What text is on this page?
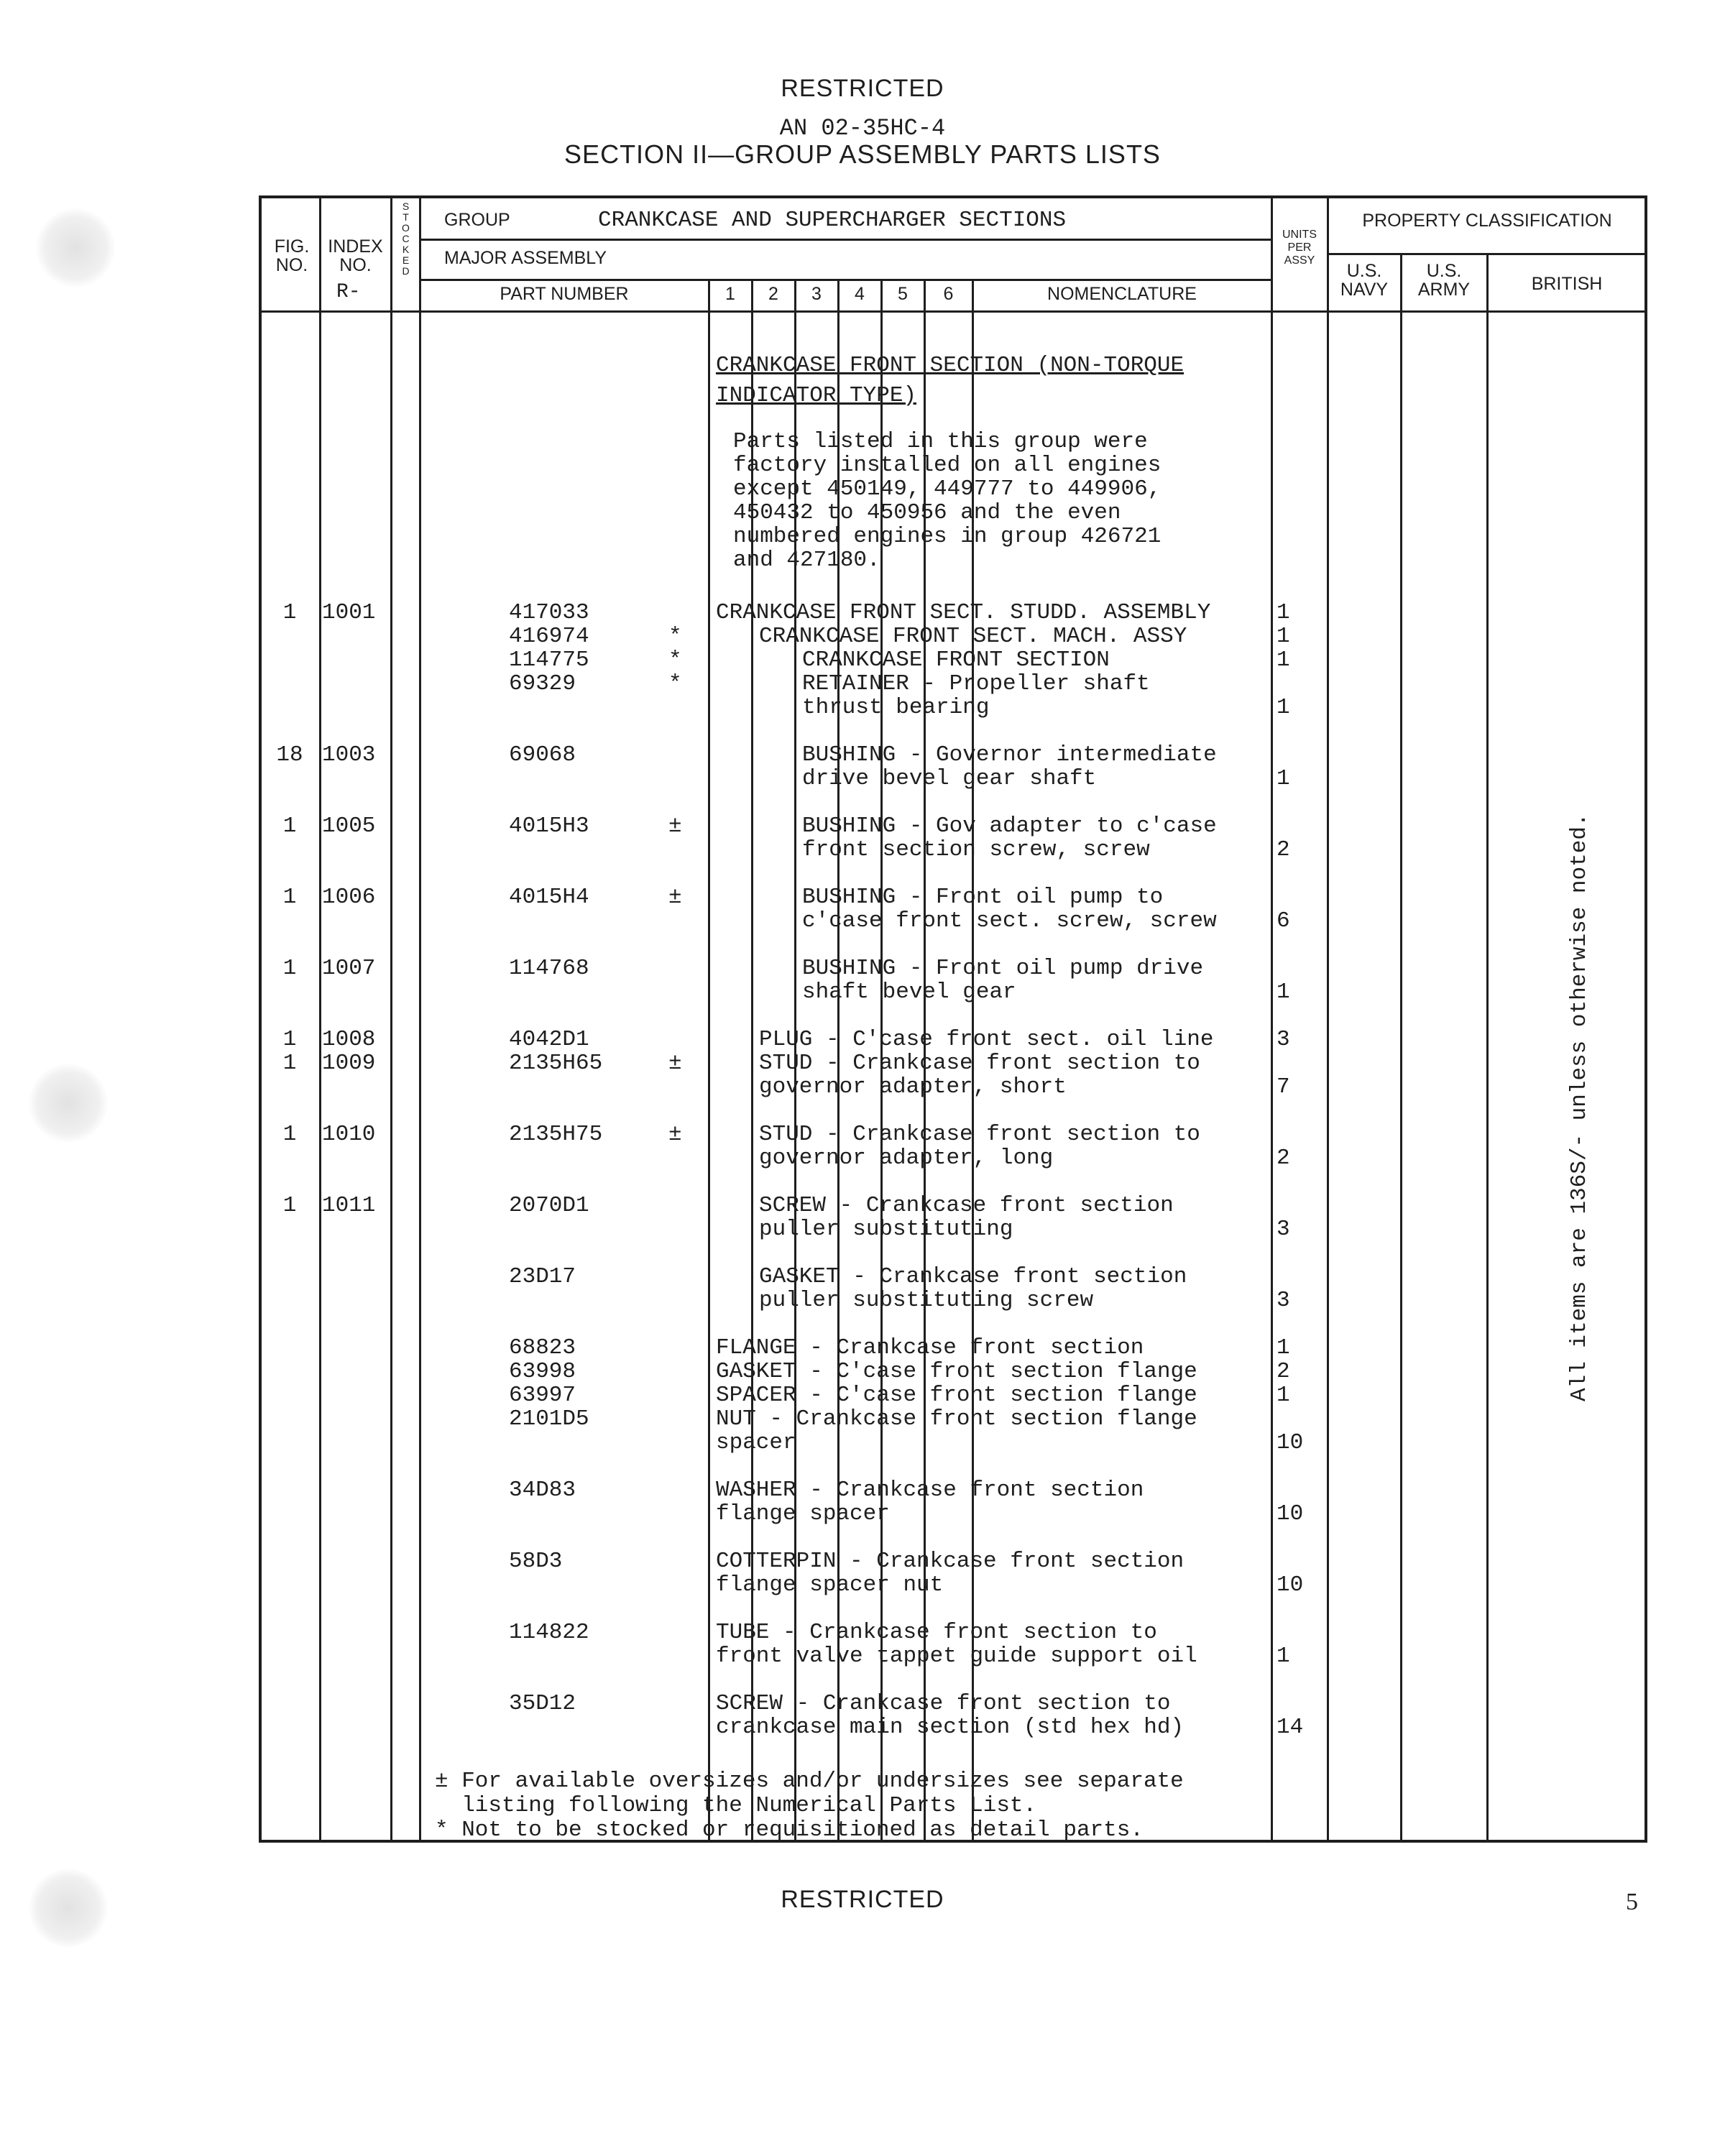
RESTRICTED
AN 02-35HC-4
SECTION II—GROUP ASSEMBLY PARTS LISTS
FIG.
NO.
INDEX
NO.
R-
S
T
O
C
K
E
D
GROUP	CRANKCASE AND SUPERCHARGER SECTIONS
MAJOR ASSEMBLY
PART NUMBER	1	2	3	4	5	6	NOMENCLATURE
UNITS
PER
ASSY
PROPERTY CLASSIFICATION
U.S.
NAVY
U.S.
ARMY	BRITISH
CRANKCASE FRONT SECTION (NON-TORQUE
INDICATOR TYPE)
Parts listed in this group were
factory installed on all engines
except 450149, 449777 to 449906,
450432 to 450956 and the even
numbered engines in group 426721
and 427180.
1	1001	417033	CRANKCASE FRONT SECT. STUDD. ASSEMBLY	1
416974	*	CRANKCASE FRONT SECT. MACH. ASSY	1
114775	*	CRANKCASE FRONT SECTION	1
69329	*	RETAINER - Propeller shaft
thrust bearing	1
18 1003	69068	BUSHING - Governor intermediate
drive bevel gear shaft	1
1	1005	4015H3	±	BUSHING - Gov adapter to c'case
front section screw, screw	2
1	1006	4015H4	±	BUSHING - Front oil pump to
c'case front sect. screw, screw	6
1	1007	114768	BUSHING - Front oil pump drive
shaft bevel gear	1
1	1008	4042D1	PLUG - C'case front sect. oil line	3
1	1009	2135H65	±	STUD - Crankcase front section to
governor adapter, short	7
1	1010	2135H75	±	STUD - Crankcase front section to
governor adapter, long	2
1	1011	2070D1	SCREW - Crankcase front section
puller substituting	3
23D17	GASKET - Crankcase front section
puller substituting screw	3
68823	FLANGE - Crankcase front section	1
63998	GASKET - C'case front section flange	2
63997	SPACER - C'case front section flange	1
2101D5	NUT - Crankcase front section flange
spacer	10
34D83	WASHER - Crankcase front section
flange spacer	10
58D3	COTTERPIN - Crankcase front section
flange spacer nut	10
114822	TUBE - Crankcase front section to
front valve tappet guide support oil	1
35D12	SCREW - Crankcase front section to
crankcase main section (std hex hd)	14
± For available oversizes and/or undersizes see separate
listing following the Numerical Parts List.
* Not to be stocked or requisitioned as detail parts.
All items are 136S/- unless otherwise noted.
RESTRICTED	5
